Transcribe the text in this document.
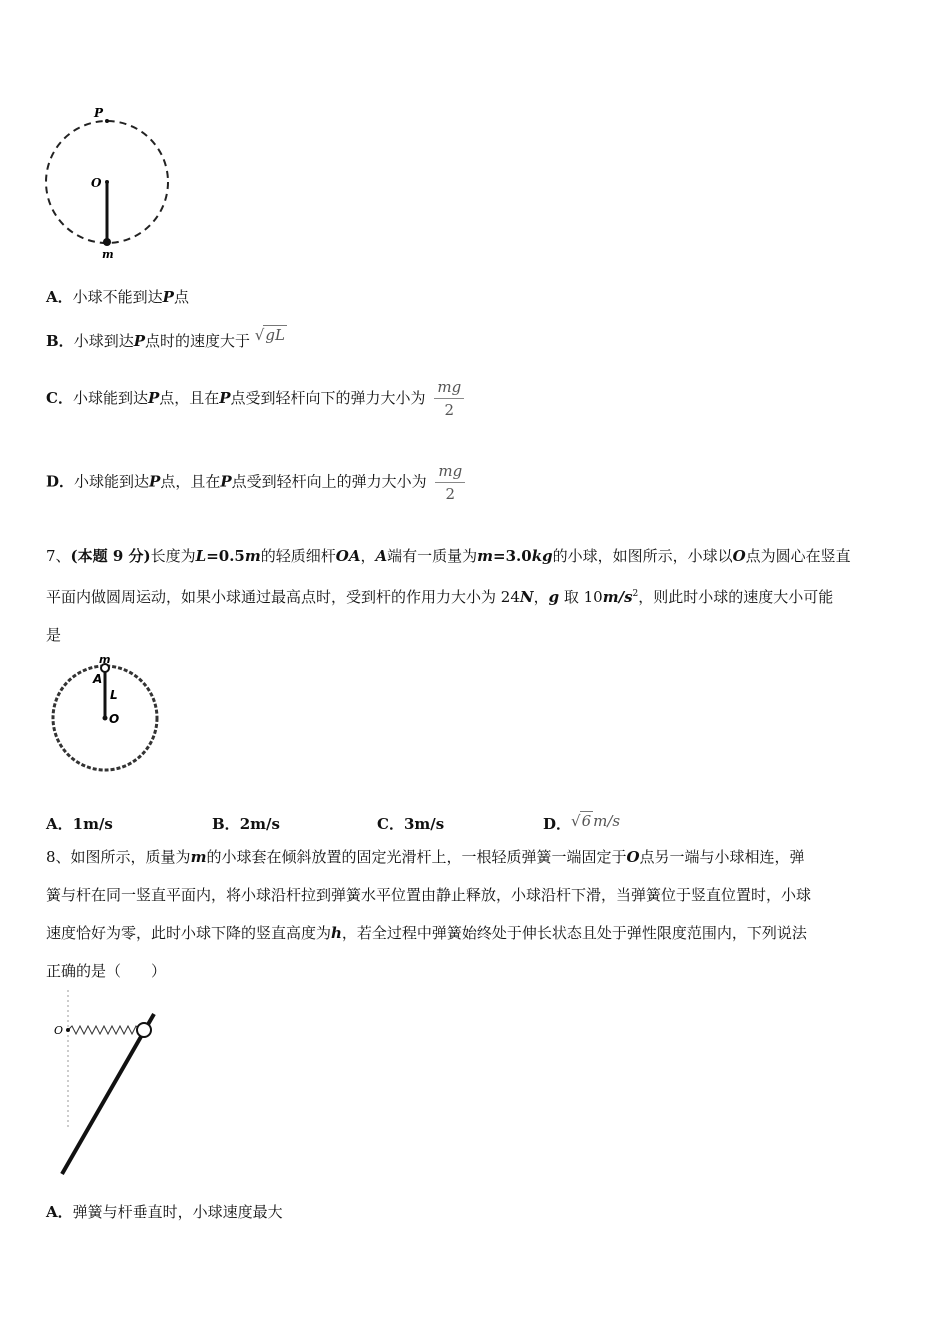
P
O
m
A．小球不能到达P点
B．小球到达P点时的速度大于 √gL
C．小球能到达P点，且在P点受到轻杆向下的弹力大小为 $\frac{mg}{2}$
D．小球能到达P点，且在P点受到轻杆向上的弹力大小为 $\frac{mg}{2}$
7、(本题 9 分)长度为L=0.5m的轻质细杆OA，A端有一质量为m=3.0kg的小球，如图所示，小球以O点为圆心在竖直
平面内做圆周运动，如果小球通过最高点时，受到杆的作用力大小为 24N，g 取 $10m/s^2$，则此时小球的速度大小可能
是
m
A
L
O
A．1m/s	B．2m/s	C．3m/s	D．√6 m/s
8、如图所示，质量为m的小球套在倾斜放置的固定光滑杆上，一根轻质弹簧一端固定于O点另一端与小球相连，弹
簧与杆在同一竖直平面内，将小球沿杆拉到弹簧水平位置由静止释放，小球沿杆下滑，当弹簧位于竖直位置时，小球
速度恰好为零，此时小球下降的竖直高度为h，若全过程中弹簧始终处于伸长状态且处于弹性限度范围内，下列说法
正确的是（　　）
O
A．弹簧与杆垂直时，小球速度最大
